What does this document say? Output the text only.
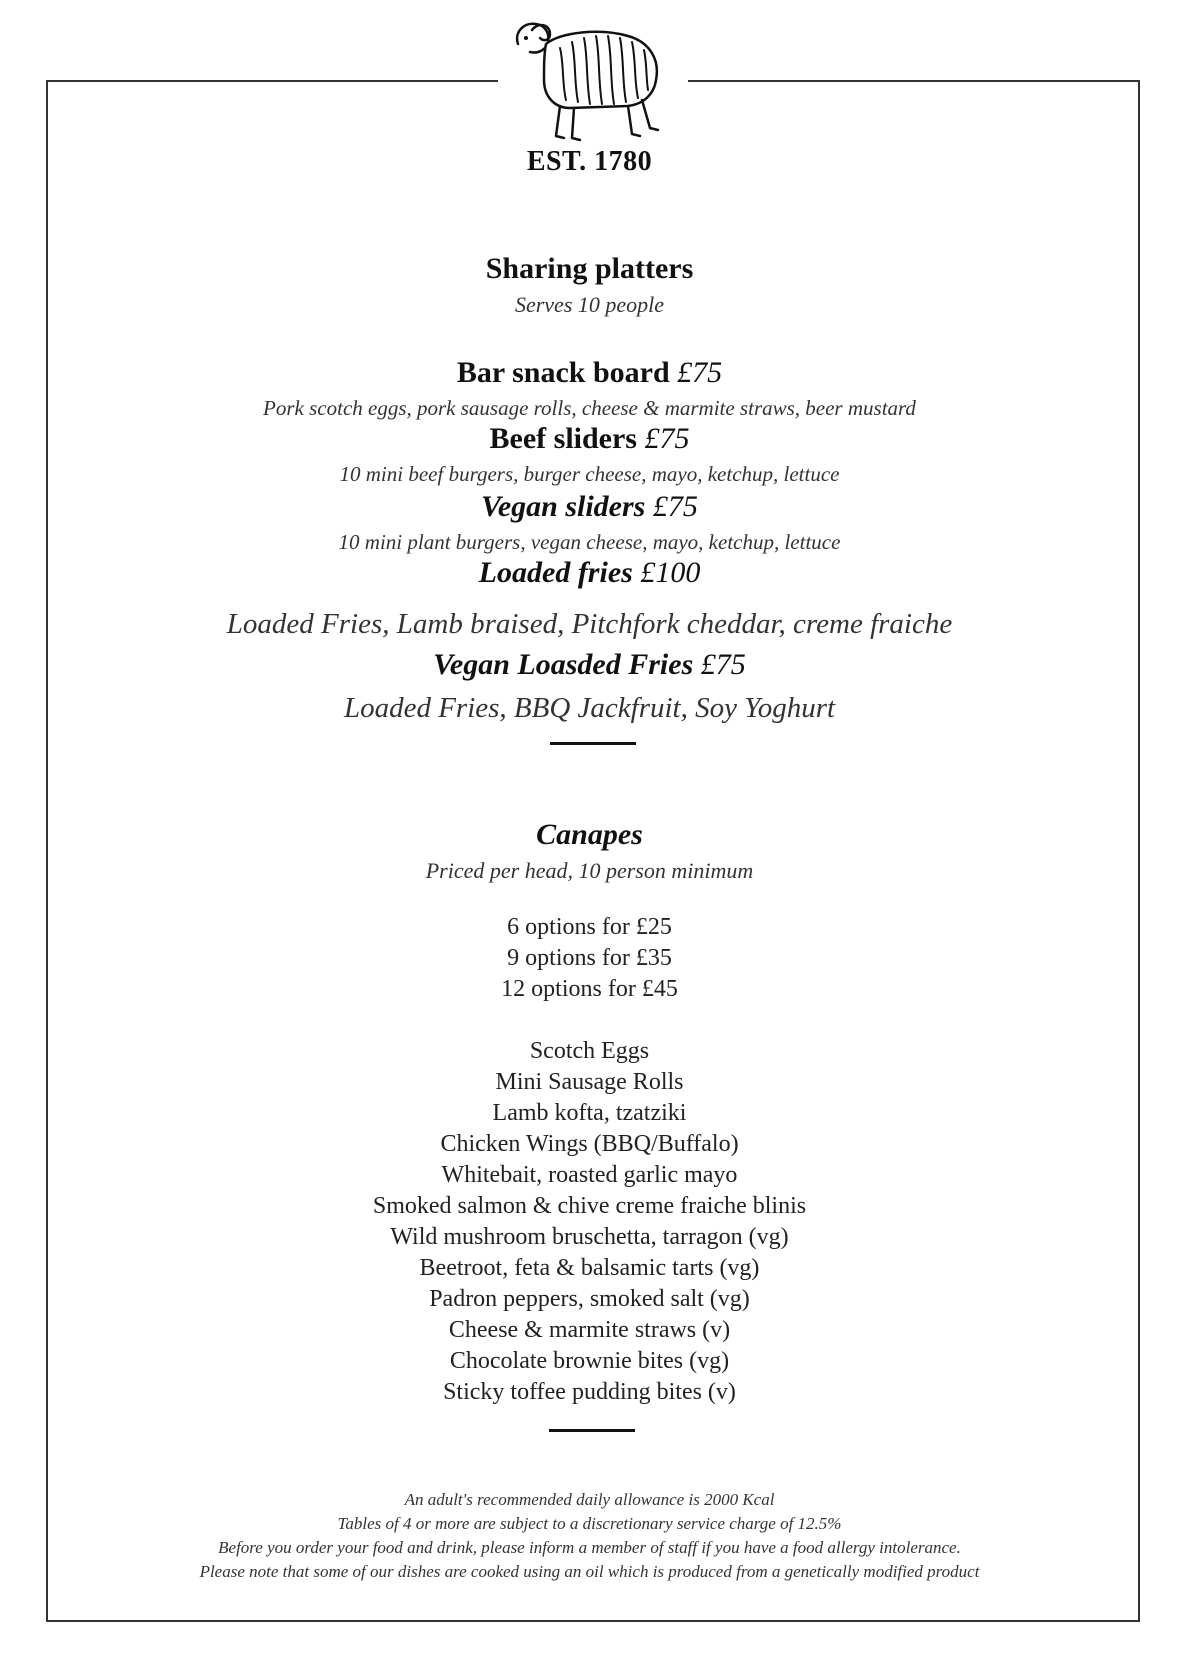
EST. 1780
Sharing platters
Serves 10 people
Bar snack board £75
Pork scotch eggs, pork sausage rolls, cheese & marmite straws, beer mustard
Beef sliders £75
10 mini beef burgers, burger cheese, mayo, ketchup, lettuce
Vegan sliders £75
10 mini plant burgers, vegan cheese, mayo, ketchup, lettuce
Loaded fries £100
Loaded Fries, Lamb braised, Pitchfork cheddar, creme fraiche
Vegan Loasded Fries £75
Loaded Fries, BBQ Jackfruit, Soy Yoghurt
Canapes
Priced per head, 10 person minimum
6 options for £25
9 options for £35
12 options for £45
Scotch Eggs
Mini Sausage Rolls
Lamb kofta, tzatziki
Chicken Wings (BBQ/Buffalo)
Whitebait, roasted garlic mayo
Smoked salmon & chive creme fraiche blinis
Wild mushroom bruschetta, tarragon (vg)
Beetroot, feta & balsamic tarts (vg)
Padron peppers, smoked salt (vg)
Cheese & marmite straws (v)
Chocolate brownie bites (vg)
Sticky toffee pudding bites (v)
An adult's recommended daily allowance is 2000 Kcal
Tables of 4 or more are subject to a discretionary service charge of 12.5%
Before you order your food and drink, please inform a member of staff if you have a food allergy intolerance.
Please note that some of our dishes are cooked using an oil which is produced from a genetically modified product
